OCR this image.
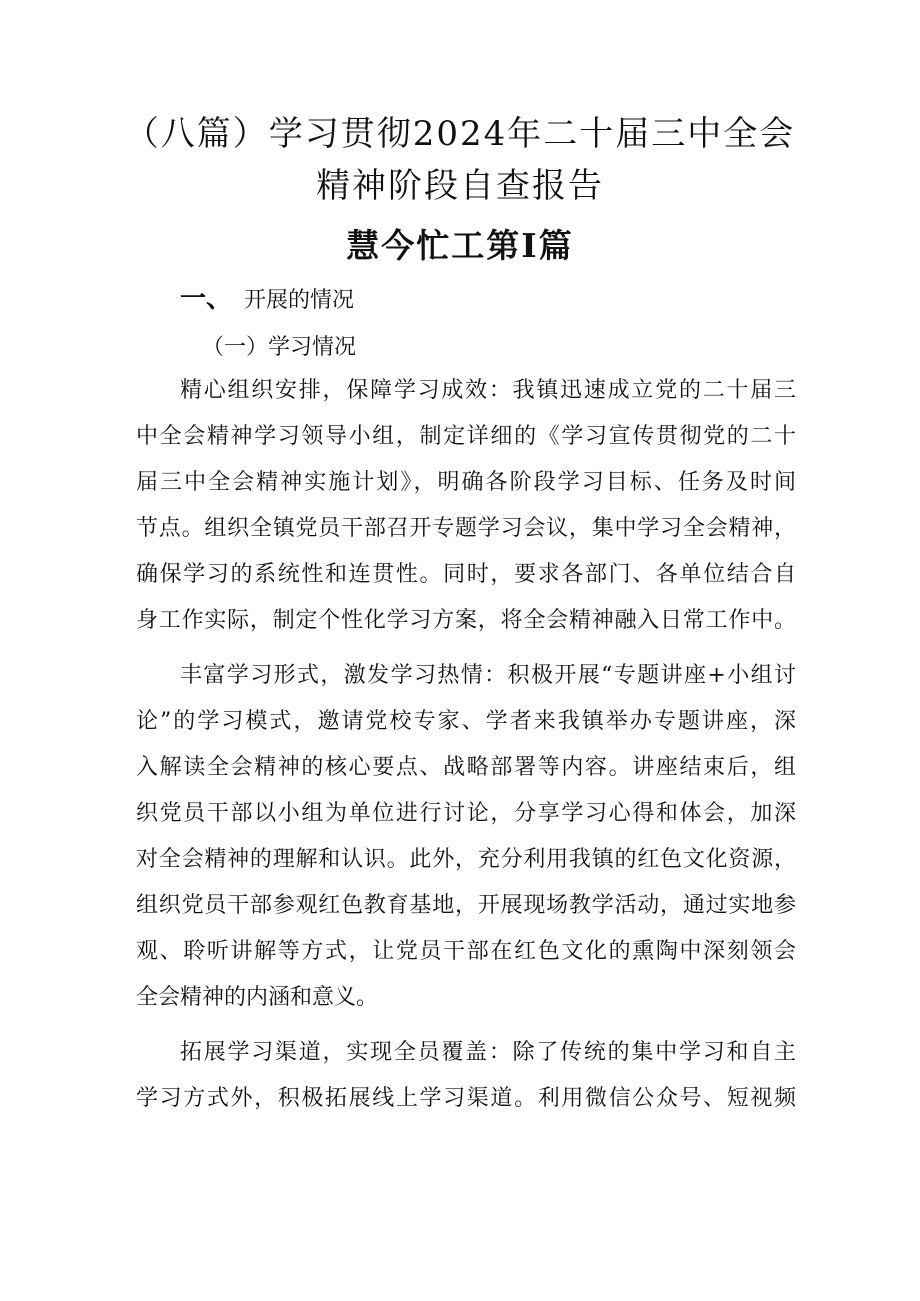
（八篇）学习贯彻2024年二十届三中全会
精神阶段自查报告
慧今忙工第I篇
一、 开展的情况
（一）学习情况
精心组织安排，保障学习成效：我镇迅速成立党的二十届三
中全会精神学习领导小组，制定详细的《学习宣传贯彻党的二十
届三中全会精神实施计划》，明确各阶段学习目标、任务及时间
节点。组织全镇党员干部召开专题学习会议，集中学习全会精神，
确保学习的系统性和连贯性。同时，要求各部门、各单位结合自
身工作实际，制定个性化学习方案，将全会精神融入日常工作中。
丰富学习形式，激发学习热情：积极开展“专题讲座+小组讨
论”的学习模式，邀请党校专家、学者来我镇举办专题讲座，深
入解读全会精神的核心要点、战略部署等内容。讲座结束后，组
织党员干部以小组为单位进行讨论，分享学习心得和体会，加深
对全会精神的理解和认识。此外，充分利用我镇的红色文化资源，
组织党员干部参观红色教育基地，开展现场教学活动，通过实地参
观、聆听讲解等方式，让党员干部在红色文化的熏陶中深刻领会
全会精神的内涵和意义。
拓展学习渠道，实现全员覆盖：除了传统的集中学习和自主
学习方式外，积极拓展线上学习渠道。利用微信公众号、短视频
